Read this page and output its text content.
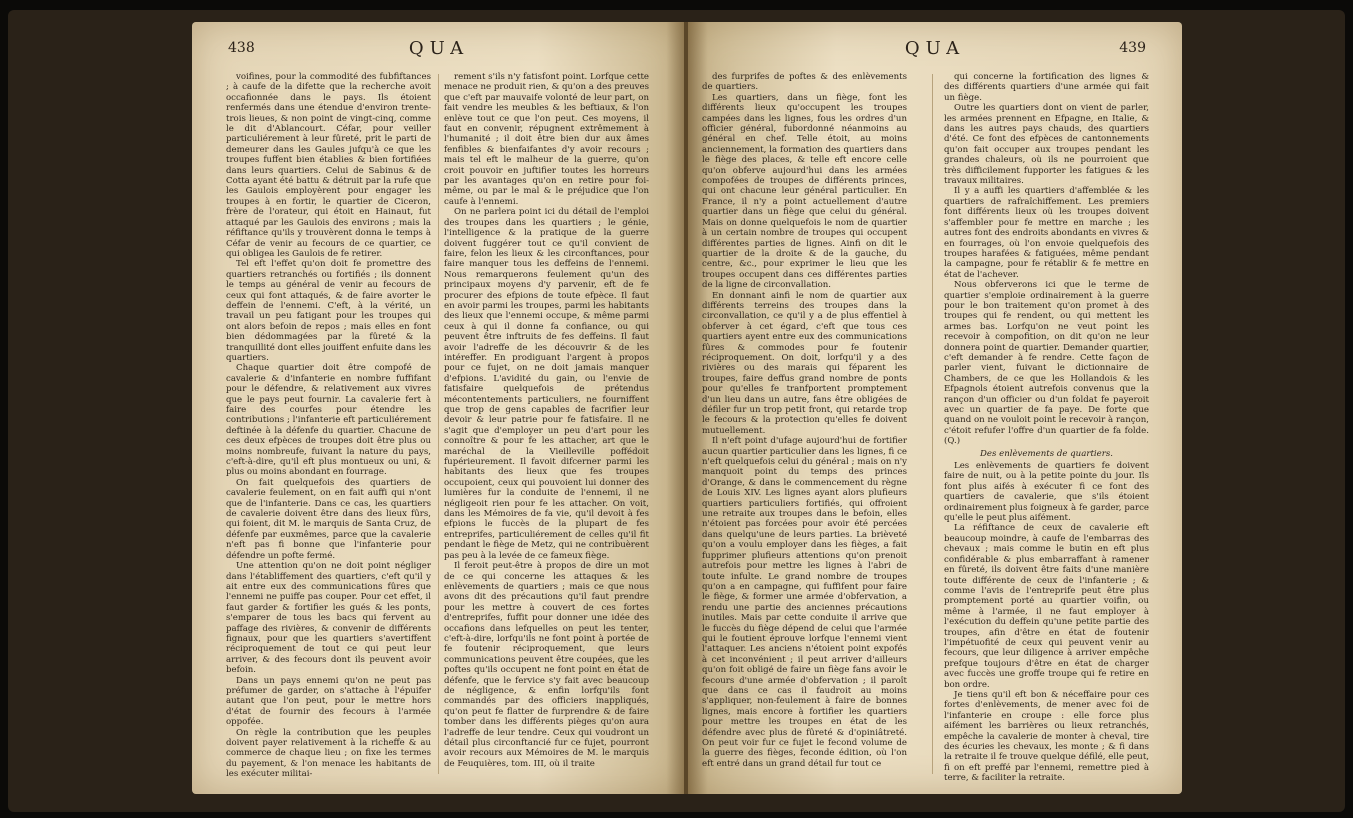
438	QUA

voifines, pour la commodité des fubfiftances ; à caufe de la difette que la recherche avoit occafionnée dans le pays. Ils étoient renfermés dans une étendue d'environ trente-trois lieues, & non point de vingt-cinq, comme le dit d'Ablancourt. Céfar, pour veiller particuliérement à leur fûreté, prit le parti de demeurer dans les Gaules jufqu'à ce que les troupes fuffent bien établies & bien fortifiées dans leurs quartiers. Celui de Sabinus & de Cotta ayant été battu & détruit par la rufe que les Gaulois employèrent pour engager les troupes à en fortir, le quartier de Ciceron, frère de l'orateur, qui étoit en Hainaut, fut attaqué par les Gaulois des environs ; mais la réfiftance qu'ils y trouvèrent donna le temps à Céfar de venir au fecours de ce quartier, ce qui obligea les Gaulois de fe retirer.

Tel eft l'effet qu'on doit fe promettre des quartiers retranchés ou fortifiés ; ils donnent le temps au général de venir au fecours de ceux qui font attaqués, & de faire avorter le deffein de l'ennemi. C'eft, à la vérité, un travail un peu fatigant pour les troupes qui ont alors befoin de repos ; mais elles en font bien dédommagées par la fûreté & la tranquillité dont elles jouiffent enfuite dans les quartiers.

Chaque quartier doit être compofé de cavalerie & d'infanterie en nombre fuffifant pour le défendre, & relativement aux vivres que le pays peut fournir. La cavalerie fert à faire des courfes pour étendre les contributions ; l'infanterie eft particuliérement deftinée à la défenfe du quartier. Chacune de ces deux efpèces de troupes doit être plus ou moins nombreufe, fuivant la nature du pays, c'eft-à-dire, qu'il eft plus montueux ou uni, & plus ou moins abondant en fourrage.

On fait quelquefois des quartiers de cavalerie feulement, on en fait auffi qui n'ont que de l'infanterie. Dans ce cas, les quartiers de cavalerie doivent être dans des lieux fûrs, qui foient, dit M. le marquis de Santa Cruz, de défenfe par euxmêmes, parce que la cavalerie n'eft pas fi bonne que l'infanterie pour défendre un pofte fermé.

Une attention qu'on ne doit point négliger dans l'établiffement des quartiers, c'eft qu'il y ait entre eux des communications fûres que l'ennemi ne puiffe pas couper. Pour cet effet, il faut garder & fortifier les gués & les ponts, s'emparer de tous les bacs qui fervent au paffage des rivières, & convenir de différents fignaux, pour que les quartiers s'avertiffent réciproquement de tout ce qui peut leur arriver, & des fecours dont ils peuvent avoir befoin.

Dans un pays ennemi qu'on ne peut pas préfumer de garder, on s'attache à l'épuifer autant que l'on peut, pour le mettre hors d'état de fournir des fecours à l'armée oppofée.

On règle la contribution que les peuples doivent payer relativement à la richeffe & au commerce de chaque lieu ; on fixe les termes du payement, & l'on menace les habitants de les exécuter militai-

rement s'ils n'y fatisfont point. Lorfque cette menace ne produit rien, & qu'on a des preuves que c'eft par mauvaife volonté de leur part, on fait vendre les meubles & les beftiaux, & l'on enlève tout ce que l'on peut. Ces moyens, il faut en convenir, répugnent extrêmement à l'humanité ; il doit être bien dur aux âmes fenfibles & bienfaifantes d'y avoir recours ; mais tel eft le malheur de la guerre, qu'on croit pouvoir en juftifier toutes les horreurs par les avantages qu'on en retire pour foi-même, ou par le mal & le préjudice que l'on caufe à l'ennemi.

On ne parlera point ici du détail de l'emploi des troupes dans les quartiers ; le génie, l'intelligence & la pratique de la guerre doivent fuggérer tout ce qu'il convient de faire, felon les lieux & les circonftances, pour faire manquer tous les deffeins de l'ennemi. Nous remarquerons feulement qu'un des principaux moyens d'y parvenir, eft de fe procurer des efpions de toute efpèce. Il faut en avoir parmi les troupes, parmi les habitants des lieux que l'ennemi occupe, & même parmi ceux à qui il donne fa confiance, ou qui peuvent être inftruits de fes deffeins. Il faut avoir l'adreffe de les découvrir & de les intéreffer. En prodiguant l'argent à propos pour ce fujet, on ne doit jamais manquer d'efpions. L'avidité du gain, ou l'envie de fatisfaire quelquefois de prétendus mécontentements particuliers, ne fourniffent que trop de gens capables de facrifier leur devoir & leur patrie pour fe fatisfaire. Il ne s'agit que d'employer un peu d'art pour les connoître & pour fe les attacher, art que le maréchal de la Vieilleville poffédoit fupérieurement. Il favoit difcerner parmi les habitants des lieux que fes troupes occupoient, ceux qui pouvoient lui donner des lumières fur la conduite de l'ennemi, il ne négligeoit rien pour fe les attacher. On voit, dans les Mémoires de fa vie, qu'il devoit à fes efpions le fuccès de la plupart de fes entreprifes, particuliérement de celles qu'il fit pendant le fiège de Metz, qui ne contribuèrent pas peu à la levée de ce fameux fiège.

Il feroit peut-être à propos de dire un mot de ce qui concerne les attaques & les enlèvements de quartiers ; mais ce que nous avons dit des précautions qu'il faut prendre pour les mettre à couvert de ces fortes d'entreprifes, fuffit pour donner une idée des occafions dans lefquelles on peut les tenter, c'eft-à-dire, lorfqu'ils ne font point à portée de fe foutenir réciproquement, que leurs communications peuvent être coupées, que les poftes qu'ils occupent ne font point en état de défenfe, que le fervice s'y fait avec beaucoup de négligence, & enfin lorfqu'ils font commandés par des officiers inappliqués, qu'on peut fe flatter de furprendre & de faire tomber dans les différents pièges qu'on aura l'adreffe de leur tendre. Ceux qui voudront un détail plus circonftancié fur ce fujet, pourront avoir recours aux Mémoires de M. le marquis de Feuquières, tom. III, où il traite

QUA	439

des furprifes de poftes & des enlèvements de quartiers.

Les quartiers, dans un fiège, font les différents lieux qu'occupent les troupes campées dans les lignes, fous les ordres d'un officier général, fubordonné néanmoins au général en chef. Telle étoit, au moins anciennement, la formation des quartiers dans le fiège des places, & telle eft encore celle qu'on obferve aujourd'hui dans les armées compofées de troupes de différents princes, qui ont chacune leur général particulier. En France, il n'y a point actuellement d'autre quartier dans un fiège que celui du général. Mais on donne quelquefois le nom de quartier à un certain nombre de troupes qui occupent différentes parties de lignes. Ainfi on dit le quartier de la droite & de la gauche, du centre, &c., pour exprimer le lieu que les troupes occupent dans ces différentes parties de la ligne de circonvallation.

En donnant ainfi le nom de quartier aux différents terreins des troupes dans la circonvallation, ce qu'il y a de plus effentiel à obferver à cet égard, c'eft que tous ces quartiers ayent entre eux des communications fûres & commodes pour fe foutenir réciproquement. On doit, lorfqu'il y a des rivières ou des marais qui féparent les troupes, faire deffus grand nombre de ponts pour qu'elles fe tranfportent promptement d'un lieu dans un autre, fans être obligées de défiler fur un trop petit front, qui retarde trop le fecours & la protection qu'elles fe doivent mutuellement.

Il n'eft point d'ufage aujourd'hui de fortifier aucun quartier particulier dans les lignes, fi ce n'eft quelquefois celui du général ; mais on n'y manquoit point du temps des princes d'Orange, & dans le commencement du règne de Louis XIV. Les lignes ayant alors plufieurs quartiers particuliers fortifiés, qui offroient une retraite aux troupes dans le befoin, elles n'étoient pas forcées pour avoir été percées dans quelqu'une de leurs parties. La brièveté qu'on a voulu employer dans les fièges, a fait fupprimer plufieurs attentions qu'on prenoit autrefois pour mettre les lignes à l'abri de toute infulte. Le grand nombre de troupes qu'on a en campagne, qui fuffifent pour faire le fiège, & former une armée d'obfervation, a rendu une partie des anciennes précautions inutiles. Mais par cette conduite il arrive que le fuccès du fiège dépend de celui que l'armée qui le foutient éprouve lorfque l'ennemi vient l'attaquer. Les anciens n'étoient point expofés à cet inconvénient ; il peut arriver d'ailleurs qu'on foit obligé de faire un fiège fans avoir le fecours d'une armée d'obfervation ; il paroît que dans ce cas il faudroit au moins s'appliquer, non-feulement à faire de bonnes lignes, mais encore à fortifier les quartiers pour mettre les troupes en état de les défendre avec plus de fûreté & d'opiniâtreté. On peut voir fur ce fujet le fecond volume de la guerre des fièges, feconde édition, où l'on eft entré dans un grand détail fur tout ce

qui concerne la fortification des lignes & des différents quartiers d'une armée qui fait un fiège.

Outre les quartiers dont on vient de parler, les armées prennent en Efpagne, en Italie, & dans les autres pays chauds, des quartiers d'été. Ce font des efpèces de cantonnements qu'on fait occuper aux troupes pendant les grandes chaleurs, où ils ne pourroient que très difficilement fupporter les fatigues & les travaux militaires.

Il y a auffi les quartiers d'affemblée & les quartiers de rafraîchiffement. Les premiers font différents lieux où les troupes doivent s'affembler pour fe mettre en marche ; les autres font des endroits abondants en vivres & en fourrages, où l'on envoie quelquefois des troupes harafées & fatiguées, même pendant la campagne, pour fe rétablir & fe mettre en état de l'achever.

Nous obferverons ici que le terme de quartier s'emploie ordinairement à la guerre pour le bon traitement qu'on promet à des troupes qui fe rendent, ou qui mettent les armes bas. Lorfqu'on ne veut point les recevoir à compofition, on dit qu'on ne leur donnera point de quartier. Demander quartier, c'eft demander à fe rendre. Cette façon de parler vient, fuivant le dictionnaire de Chambers, de ce que les Hollandois & les Efpagnols étoient autrefois convenus que la rançon d'un officier ou d'un foldat fe payeroit avec un quartier de fa paye. De forte que quand on ne vouloit point le recevoir à rançon, c'étoit refufer l'offre d'un quartier de fa folde. (Q.)

Des enlèvements de quartiers.

Les enlèvements de quartiers fe doivent faire de nuit, ou à la petite pointe du jour. Ils font plus aifés à exécuter fi ce font des quartiers de cavalerie, que s'ils étoient ordinairement plus foigneux à fe garder, parce qu'elle le peut plus aifément.

La réfiftance de ceux de cavalerie eft beaucoup moindre, à caufe de l'embarras des chevaux ; mais comme le butin en eft plus confidérable & plus embarraffant à ramener en fûreté, ils doivent être faits d'une manière toute différente de ceux de l'infanterie ; & comme l'avis de l'entreprife peut être plus promptement porté au quartier voifin, ou même à l'armée, il ne faut employer à l'exécution du deffein qu'une petite partie des troupes, afin d'être en état de foutenir l'impétuofité de ceux qui peuvent venir au fecours, que leur diligence à arriver empêche prefque toujours d'être en état de charger avec fuccès une groffe troupe qui fe retire en bon ordre.

Je tiens qu'il eft bon & néceffaire pour ces fortes d'enlèvements, de mener avec foi de l'infanterie en croupe : elle force plus aifément les barrières ou lieux retranchés, empêche la cavalerie de monter à cheval, tire des écuries les chevaux, les monte ; & fi dans la retraite il fe trouve quelque défilé, elle peut, fi on eft preffé par l'ennemi, remettre pied à terre, & faciliter la retraite.
